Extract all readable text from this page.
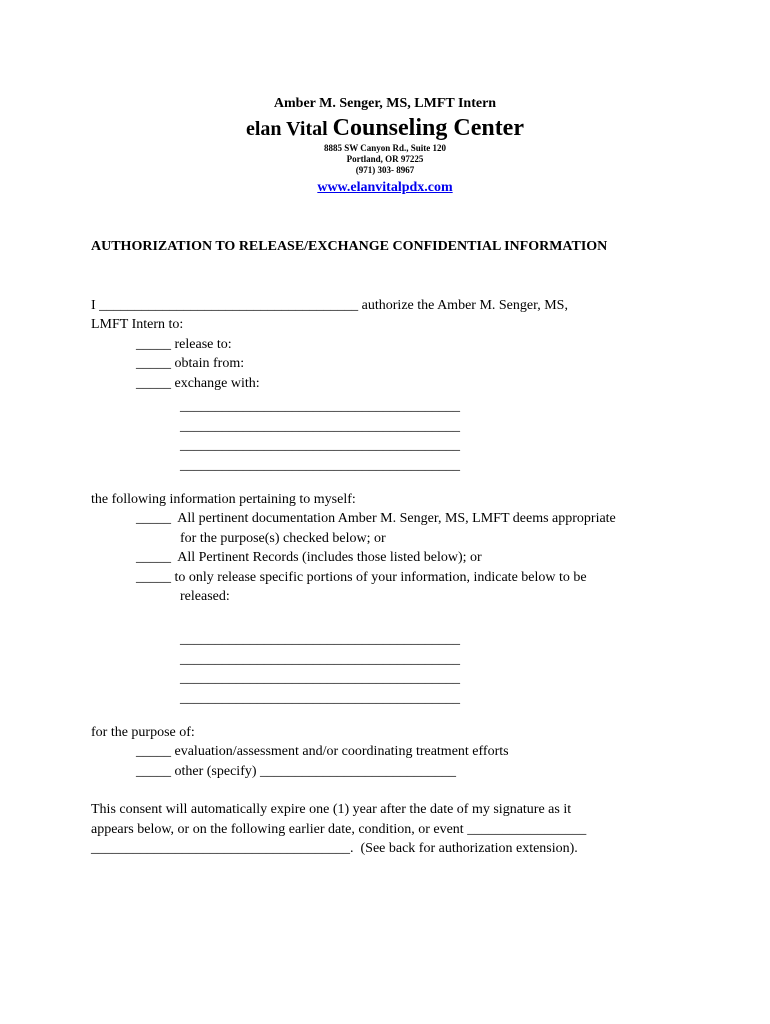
Amber M. Senger, MS, LMFT Intern
elan Vital Counseling Center
8885 SW Canyon Rd., Suite 120
Portland, OR 97225
(971) 303- 8967
www.elanvitalpdx.com
AUTHORIZATION TO RELEASE/EXCHANGE CONFIDENTIAL INFORMATION
I _____________________________________ authorize the Amber M. Senger, MS,
LMFT Intern to:
_____ release to:
_____ obtain from:
_____ exchange with:
________________________________________
________________________________________
________________________________________
________________________________________
the following information pertaining to myself:
_____  All pertinent documentation Amber M. Senger, MS, LMFT deems appropriate
for the purpose(s) checked below; or
_____  All Pertinent Records (includes those listed below); or
_____ to only release specific portions of your information, indicate below to be
released:
________________________________________
________________________________________
________________________________________
________________________________________
for the purpose of:
_____ evaluation/assessment and/or coordinating treatment efforts
_____ other (specify) ____________________________
This consent will automatically expire one (1) year after the date of my signature as it
appears below, or on the following earlier date, condition, or event _________________
_____________________________________.  (See back for authorization extension).
